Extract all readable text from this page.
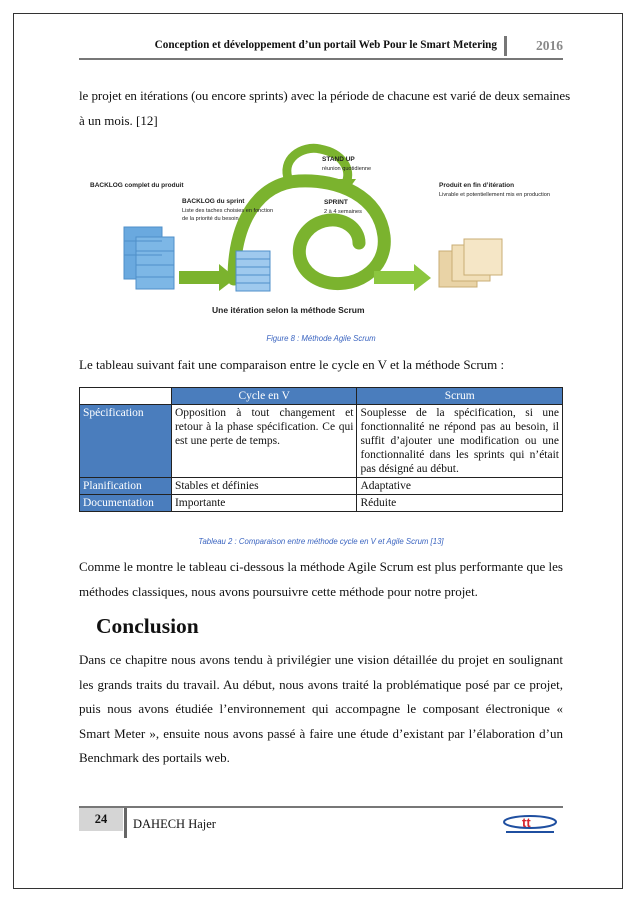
Conception et développement d’un portail Web Pour le Smart Metering	2016

le projet en itérations (ou encore sprints) avec la période de chacune est varié de deux semaines
à un mois. [12]

BACKLOG complet du produit
BACKLOG du sprint
Liste des taches choisies en fonction
de la priorité du besoin
STAND UP
réunion quotidienne
SPRINT
2 à 4 semaines
Produit en fin d’itération
Livrable et potentiellement mis en production
Une itération selon la méthode Scrum
Figure 8 : Méthode Agile Scrum

Le tableau suivant fait une comparaison entre le cycle en V et la méthode Scrum :

	Cycle en V	Scrum
Spécification	Opposition à tout changement et retour à la phase spécification. Ce qui est une perte de temps.	Souplesse de la spécification, si une fonctionnalité ne répond pas au besoin, il suffit d’ajouter une modification ou une fonctionnalité dans les sprints qui n’était pas désigné au début.
Planification	Stables et définies	Adaptative
Documentation	Importante	Réduite
Tableau 2 : Comparaison entre méthode cycle en V et Agile Scrum [13]

Comme le montre le tableau ci-dessous la méthode Agile Scrum est plus performante que les méthodes classiques, nous avons poursuivre cette méthode pour notre projet.

Conclusion

Dans ce chapitre nous avons tendu à privilégier une vision détaillée du projet en soulignant les grands traits du travail. Au début, nous avons traité la problématique posé par ce projet, puis nous avons étudiée l’environnement qui accompagne le composant électronique « Smart Meter », ensuite nous avons passé à faire une étude d’existant par l’élaboration d’un Benchmark des portails web.

24	DAHECH Hajer	tt
